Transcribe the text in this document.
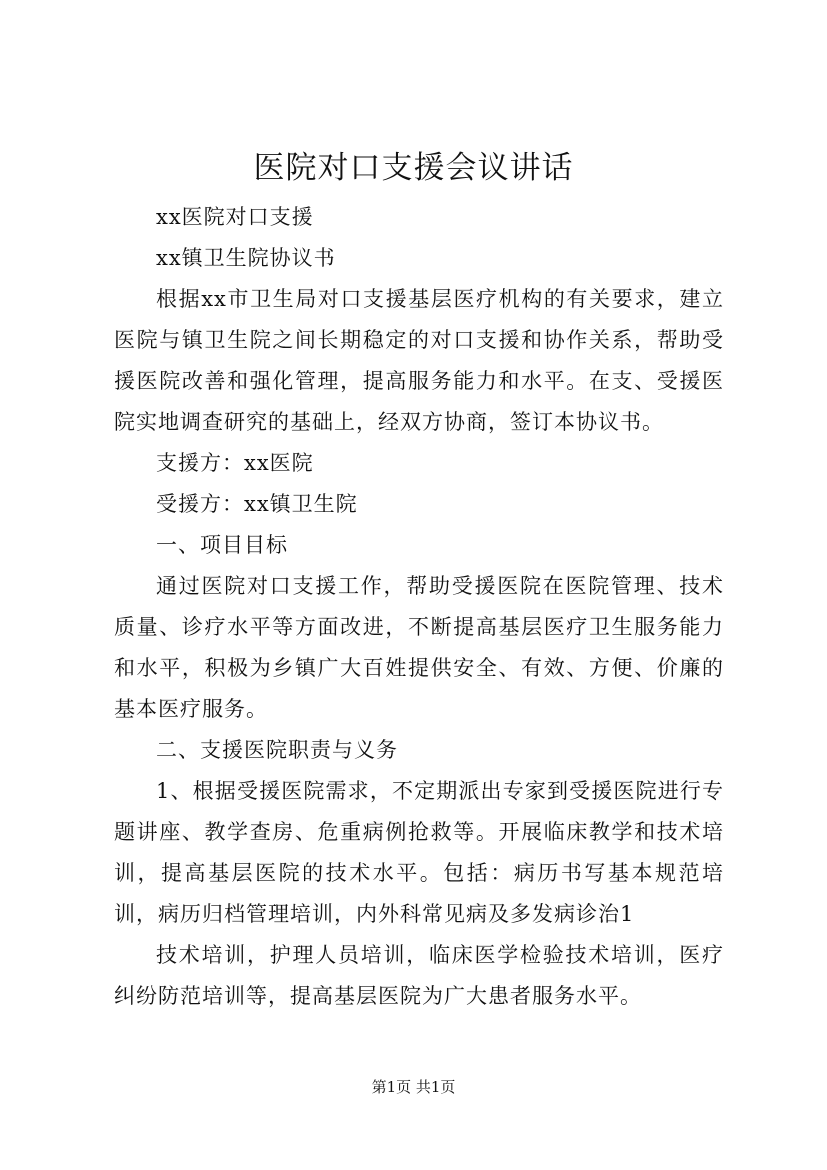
医院对口支援会议讲话

xx医院对口支援

xx镇卫生院协议书

根据xx市卫生局对口支援基层医疗机构的有关要求，建立医院与镇卫生院之间长期稳定的对口支援和协作关系，帮助受援医院改善和强化管理，提高服务能力和水平。在支、受援医院实地调查研究的基础上，经双方协商，签订本协议书。

支援方：xx医院

受援方：xx镇卫生院

一、项目目标

通过医院对口支援工作，帮助受援医院在医院管理、技术质量、诊疗水平等方面改进，不断提高基层医疗卫生服务能力和水平，积极为乡镇广大百姓提供安全、有效、方便、价廉的基本医疗服务。

二、支援医院职责与义务

1、根据受援医院需求，不定期派出专家到受援医院进行专题讲座、教学查房、危重病例抢救等。开展临床教学和技术培训，提高基层医院的技术水平。包括：病历书写基本规范培训，病历归档管理培训，内外科常见病及多发病诊治1

技术培训，护理人员培训，临床医学检验技术培训，医疗纠纷防范培训等，提高基层医院为广大患者服务水平。

第1页 共1页
